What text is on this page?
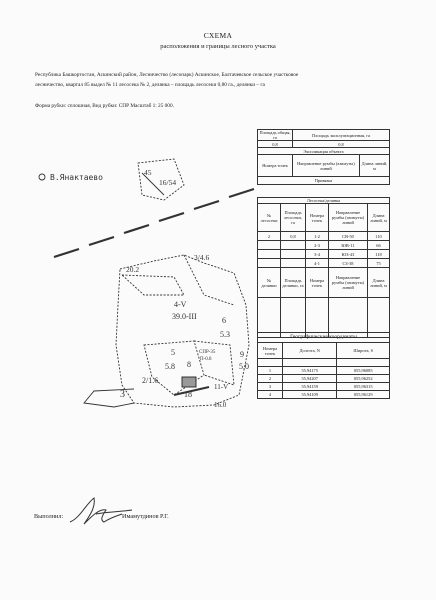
СХЕМА
расположения и границы лесного участка
Республика Башкортостан, Аскинский район, Лесничество (лесопарк) Аскинское, Балтачевское сельское участковое
лесничество, квартал 85 выдел № 11 лесосека № 2, делянка – площадь лесосеки 0,80 га., делянки – га
Форма рубки: сплошная, Вид рубки: СПР Масштаб 1: 25 000.
В.Янактаево
45
16/54
3/4.6
20.2
4-V
39.0-III	6
5.3
СПР-35
П-0.8
5
5.8 8
9
5.0
2/1.6
3	18
11-V
16.0
Площадь общая, га	Площадь эксплуатационная, га	
0,8	0,8	
Экспликация объекта		
Номера точек	Направление румбы (азимуты) линий	Длина линий, м
Привязка		
Лесосека/делянка				
№ лесосеки	Площадь лесосеки, га	Номера точек	Направление румбы (азимуты) линий	Длина линий, м
2	0,8	1-2	СВ-50	110
		2-3	ЮВ-11	66
		3-4	ЮЗ-43	118
		4-1	СЗ-38	75
№ делянки	Площадь делянки, га	Номера точек	Направление румбы (азимуты) линий	Длина линий, м

Географические координаты		
Номера точек	Долгота, N	Широта, S

1	55,94175	055,96085
2	55,94207	055,96252
3	55,94159	055,96315
4	55,94109	055,96129
Выполнил:	Имамутдинов Р.Г.
